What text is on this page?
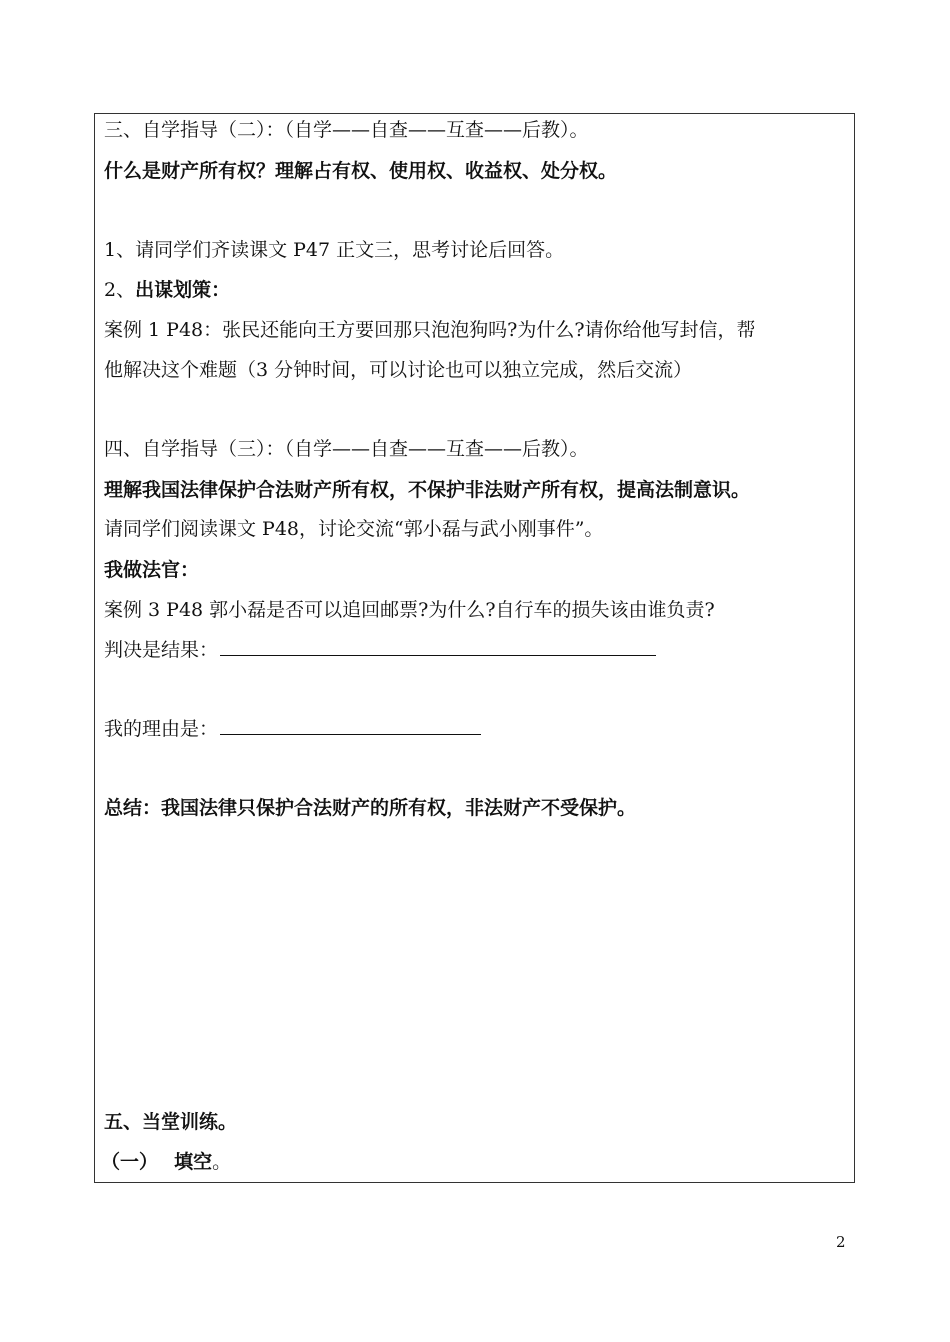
三、自学指导（二）：（自学——自查——互查——后教）。
什么是财产所有权？理解占有权、使用权、收益权、处分权。
1、请同学们齐读课文 P47 正文三，思考讨论后回答。
2、出谋划策：
案例 1 P48：张民还能向王方要回那只泡泡狗吗?为什么?请你给他写封信，帮
他解决这个难题（3 分钟时间，可以讨论也可以独立完成，然后交流）
四、自学指导（三）：（自学——自查——互查——后教）。
理解我国法律保护合法财产所有权，不保护非法财产所有权，提高法制意识。
请同学们阅读课文 P48，讨论交流“郭小磊与武小刚事件”。
我做法官：
案例 3 P48 郭小磊是否可以追回邮票?为什么?自行车的损失该由谁负责?
判决是结果：
我的理由是：
总结：我国法律只保护合法财产的所有权，非法财产不受保护。
五、当堂训练。
（一） 填空。
2
